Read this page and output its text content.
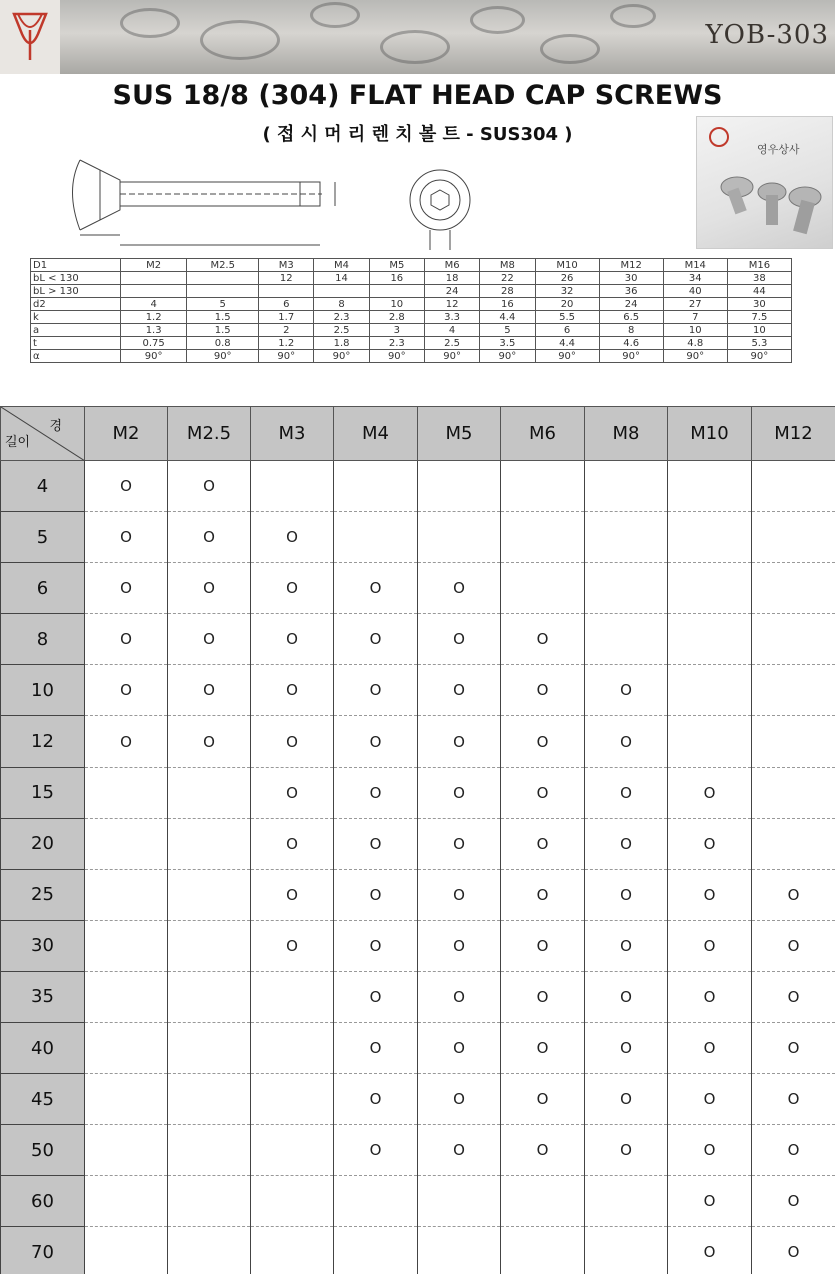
YOB-303
SUS 18/8 (304) FLAT HEAD CAP SCREWS
( 접 시 머 리 렌 치 볼 트 - SUS304 )
영우상사
D1	M2	M2.5	M3	M4	M5	M6	M8	M10	M12	M14	M16
bL < 130			12	14	16	18	22	26	30	34	38
bL > 130						24	28	32	36	40	44
d2	4	5	6	8	10	12	16	20	24	27	30
k	1.2	1.5	1.7	2.3	2.8	3.3	4.4	5.5	6.5	7	7.5
a	1.3	1.5	2	2.5	3	4	5	6	8	10	10
t	0.75	0.8	1.2	1.8	2.3	2.5	3.5	4.4	4.6	4.8	5.3
α	90°	90°	90°	90°	90°	90°	90°	90°	90°	90°	90°
경
길이	M2	M2.5	M3	M4	M5	M6	M8	M10	M12
4	O	O							
5	O	O	O						
6	O	O	O	O	O				
8	O	O	O	O	O	O			
10	O	O	O	O	O	O	O		
12	O	O	O	O	O	O	O		
15			O	O	O	O	O	O	
20			O	O	O	O	O	O	
25			O	O	O	O	O	O	O
30			O	O	O	O	O	O	O
35				O	O	O	O	O	O
40				O	O	O	O	O	O
45				O	O	O	O	O	O
50				O	O	O	O	O	O
60								O	O
70								O	O
